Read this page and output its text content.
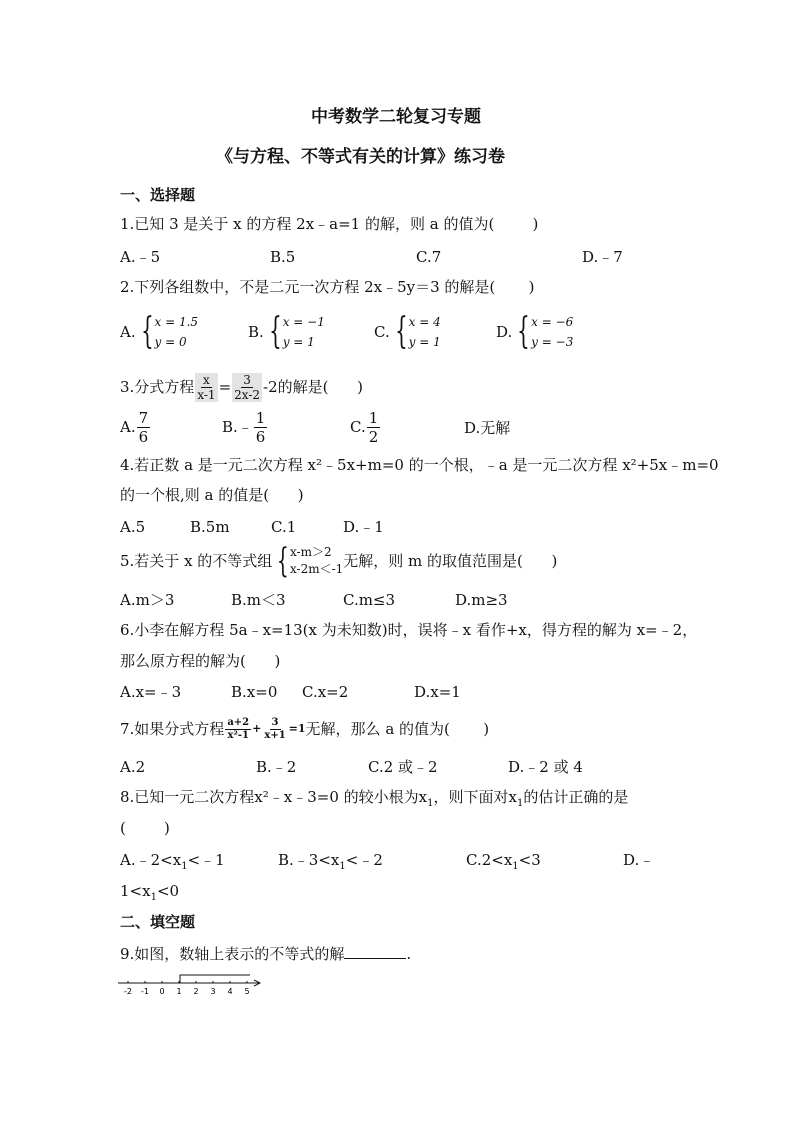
中考数学二轮复习专题
《与方程、不等式有关的计算》练习卷
一、选择题
1.已知 3 是关于 x 的方程 2x﹣a=1 的解，则 a 的值为(        )
A.﹣5	B.5	C.7	D.﹣7
2.下列各组数中，不是二元一次方程 2x﹣5y＝3 的解是(       )
A. { x = 1.5
y = 0
B. { x = −1
y = 1
C. { x = 4
y = 1
D. { x = −6
y = −3
3.分式方程 $\frac{x}{x-1} = \frac{3}{2x-2} -2$的解是(      )
A. $\frac{7}{6}$	B.﹣ $\frac{1}{6}$	C. $\frac{1}{2}$	D.无解
4.若正数 a 是一元二次方程 x²﹣5x+m=0 的一个根，﹣a 是一元二次方程 x²+5x﹣m=0
的一个根,则 a 的值是(      )
A.5	B.5m	C.1	D.﹣1
5.若关于 x 的不等式组 { x-m＞2
x-2m＜-1 无解，则 m 的取值范围是(      )
A.m＞3	B.m＜3	C.m≤3	D.m≥3
6.小李在解方程 5a﹣x=13(x 为未知数)时，误将﹣x 看作+x，得方程的解为 x=﹣2，
那么原方程的解为(      )
A.x=﹣3	B.x=0 C.x=2	D.x=1
7.如果分式方程 $\frac{a+2}{\text{x²-1}} + \frac{3}{x+1} =1$ 无解，那么 a 的值为(       )
A.2	B.﹣2	C.2 或﹣2	D.﹣2 或 4
8.已知一元二次方程x²﹣x﹣3=0 的较小根为$x_1$，则下面对$x_1$的估计正确的是
(        )
$A.﹣2<x_1<﹣1$	$B.﹣3<x_1<﹣2$	$C.2<x_1<3$	D.﹣
$1<x_1<0$
二、填空题
9.如图，数轴上表示的不等式的解	.
-2 -1 0 1 2 3 4 5
